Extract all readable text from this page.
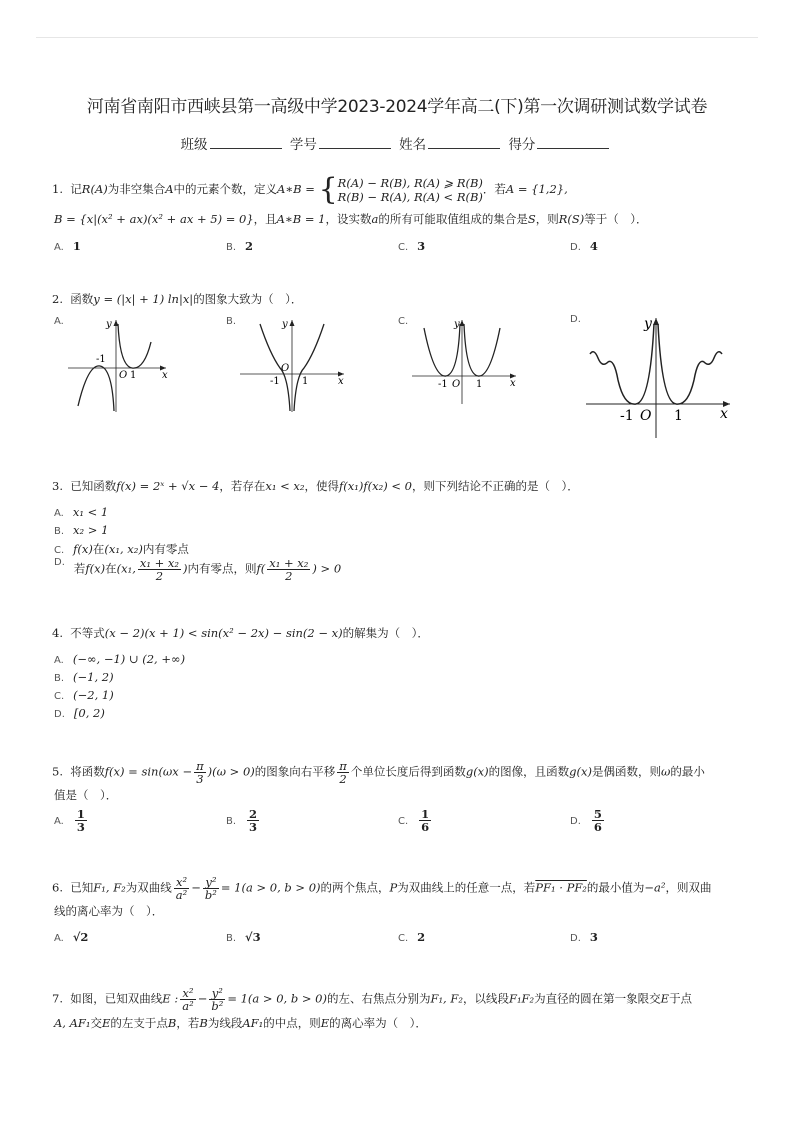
河南省南阳市西峡县第一高级中学2023-2024学年高二(下)第一次调研测试数学试卷
班级	学号	姓名	得分
1. 记R(A)为非空集合A中的元素个数，定义A∗B = {R(A) − R(B), R(A) ⩾ R(B)
R(B) − R(A), R(A) < R(B)．若A = {1,2},
B = {x|(x² + ax)(x² + ax + 5) = 0}，且A∗B = 1，设实数a的所有可能取值组成的集合是S，则R(S)等于（　）．
A. 1	B. 2	C. 3	D. 4
2. 函数y = (|x| + 1) ln|x|的图象大致为（　）．
A.
-1
O 1	x
y	B.
-1
O
1	x
y	C.
-1 O 1	x
y	D.
-1 O 1	x
y
3. 已知函数f(x) = 2ˣ + √x − 4，若存在x₁ < x₂，使得f(x₁)f(x₂) < 0，则下列结论不正确的是（　）．
A. x₁ < 1
B. x₂ > 1
C. f(x)在(x₁, x₂)内有零点
D. 若f(x)在(x₁, $\frac{\text{x₁ + x₂}}{2}$ )内有零点，则$f( \frac{\text{x₁ + x₂}}{2}$ ) > 0
4. 不等式(x − 2)(x + 1) < sin(x² − 2x) − sin(2 − x)的解集为（　）．
A. (−∞, −1) ∪ (2, +∞)
B. (−1, 2)
C. (−2, 1)
D. [0, 2)
5. 将函数$f(x) = \sin(\omega x - \frac{\pi}{3} )(\omega > 0)$的图象向右平移 $\frac{\pi}{2}$ 个单位长度后得到函数g(x)的图像，且函数g(x)是偶函数，则ω的最小
值是（　）．
A. $\frac{1}{3}$	B. $\frac{2}{3}$	C. $\frac{1}{6}$	D. $\frac{5}{6}$
6. 已知F₁, F₂为双曲线 $\frac{\text{x²}}{\text{a²}} - \frac{\text{y²}}{\text{b²}} = 1(a > 0$, b > 0)的两个焦点，P为双曲线上的任意一点，若PF₁ · PF₂的最小值为−a²，则双曲
线的离心率为（　）．
A. √2	B. √3	C. 2	D. 3
7. 如图，已知双曲线E : $\frac{\text{x²}}{\text{a²}} - \frac{\text{y²}}{\text{b²}} = 1(a > 0$, b > 0)的左、右焦点分别为F₁, F₂，以线段F₁F₂为直径的圆在第一象限交E于点
A, AF₁交E的左支于点B，若B为线段AF₁的中点，则E的离心率为（　）．
